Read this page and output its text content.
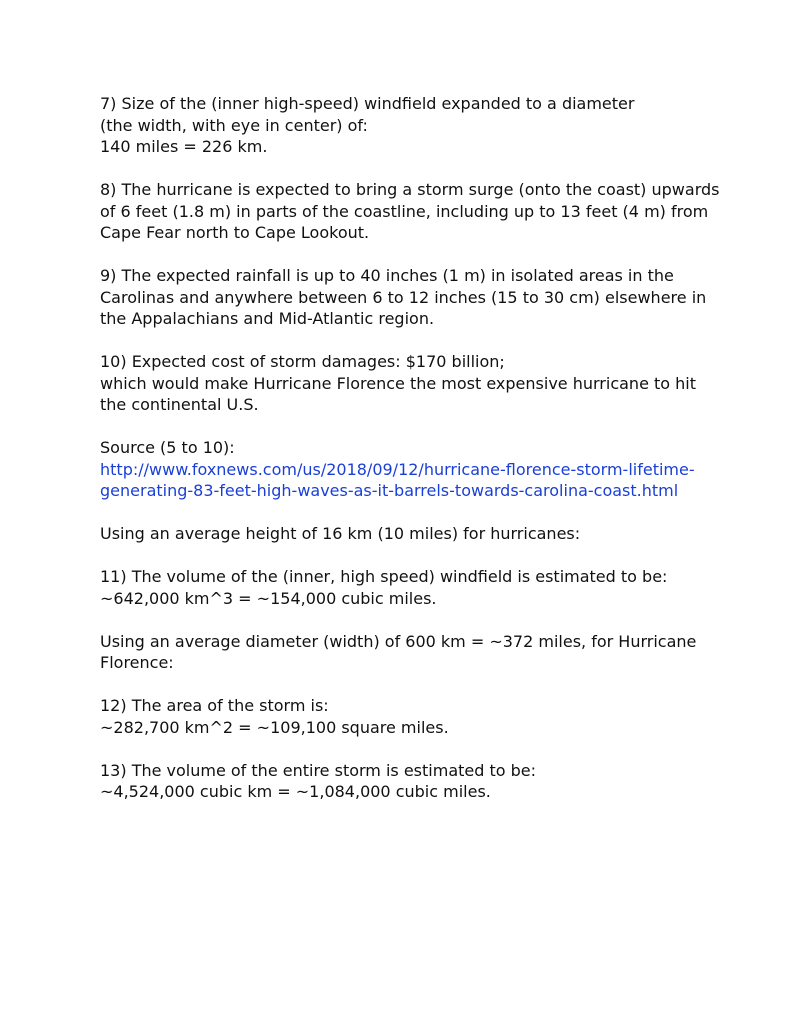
7) Size of the (inner high-speed) windfield expanded to a diameter
(the width, with eye in center) of:
140 miles = 226 km.

8) The hurricane is expected to bring a storm surge (onto the coast) upwards
of 6 feet (1.8 m) in parts of the coastline, including up to 13 feet (4 m) from
Cape Fear north to Cape Lookout.

9) The expected rainfall is up to 40 inches (1 m) in isolated areas in the
Carolinas and anywhere between 6 to 12 inches (15 to 30 cm) elsewhere in
the Appalachians and Mid-Atlantic region.

10) Expected cost of storm damages: $170 billion;
which would make Hurricane Florence the most expensive hurricane to hit
the continental U.S.

Source (5 to 10):
http://www.foxnews.com/us/2018/09/12/hurricane-florence-storm-lifetime-
generating-83-feet-high-waves-as-it-barrels-towards-carolina-coast.html

Using an average height of 16 km (10 miles) for hurricanes:

11) The volume of the (inner, high speed) windfield is estimated to be:
~642,000 km^3 = ~154,000 cubic miles.

Using an average diameter (width) of 600 km = ~372 miles, for Hurricane
Florence:

12) The area of the storm is:
~282,700 km^2 = ~109,100 square miles.

13) The volume of the entire storm is estimated to be:
~4,524,000 cubic km = ~1,084,000 cubic miles.
